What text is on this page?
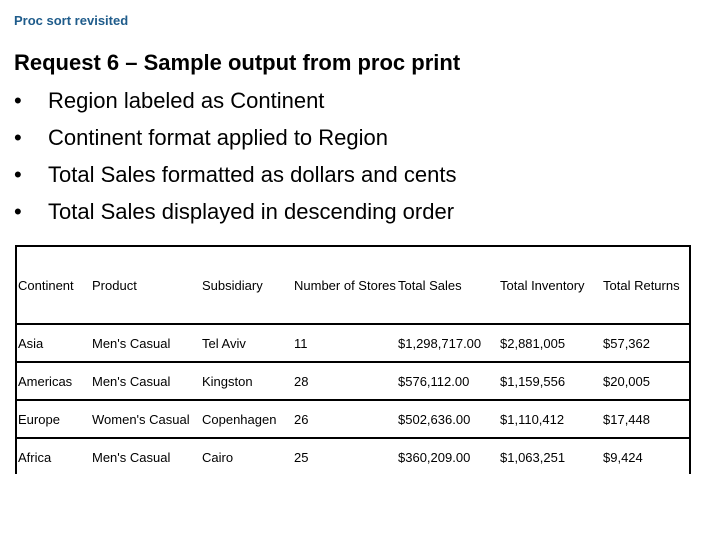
Proc sort revisited
Request 6 – Sample output from proc print
•	Region labeled as Continent
•	Continent format applied to Region
•	Total Sales formatted as dollars and cents
•	Total Sales displayed in descending order
Continent	Product	Subsidiary	Number of Stores	Total Sales	Total Inventory	Total Returns
Asia	Men's Casual	Tel Aviv	11	$1,298,717.00	$2,881,005	$57,362
Americas	Men's Casual	Kingston	28	$576,112.00	$1,159,556	$20,005
Europe	Women's Casual	Copenhagen	26	$502,636.00	$1,110,412	$17,448
Africa	Men's Casual	Cairo	25	$360,209.00	$1,063,251	$9,424
